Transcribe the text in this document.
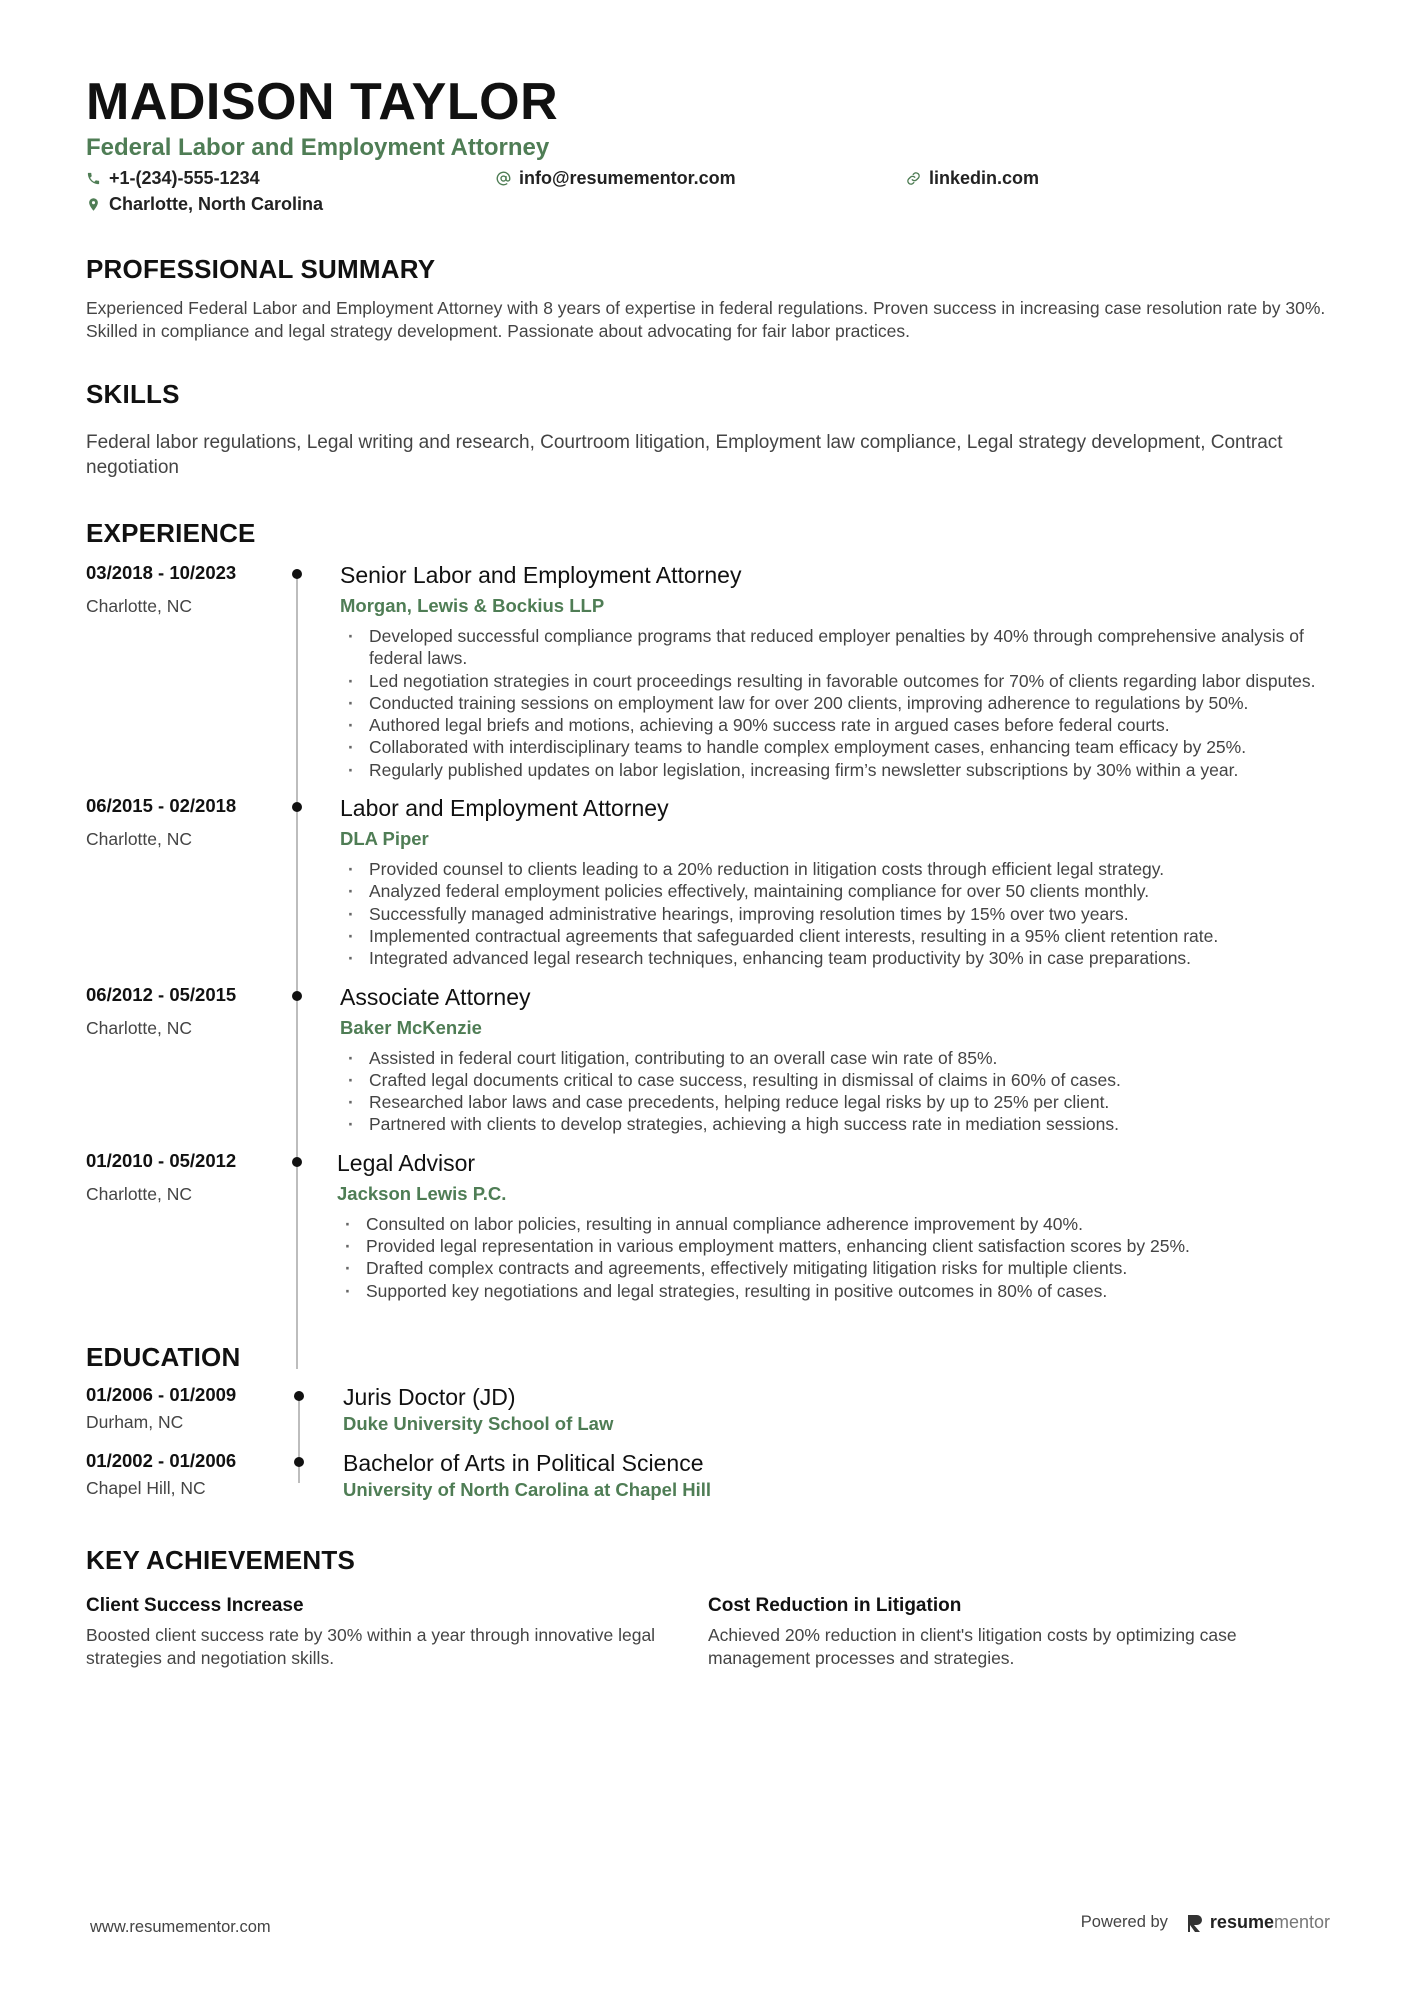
MADISON TAYLOR
Federal Labor and Employment Attorney
+1-(234)-555-1234	info@resumementor.com	linkedin.com
Charlotte, North Carolina
PROFESSIONAL SUMMARY
Experienced Federal Labor and Employment Attorney with 8 years of expertise in federal regulations. Proven success in increasing case resolution rate by 30%. Skilled in compliance and legal strategy development. Passionate about advocating for fair labor practices.
SKILLS
Federal labor regulations, Legal writing and research, Courtroom litigation, Employment law compliance, Legal strategy development, Contract negotiation
EXPERIENCE
03/2018 - 10/2023
Charlotte, NC
Senior Labor and Employment Attorney
Morgan, Lewis & Bockius LLP
· Developed successful compliance programs that reduced employer penalties by 40% through comprehensive analysis of federal laws.
· Led negotiation strategies in court proceedings resulting in favorable outcomes for 70% of clients regarding labor disputes.
· Conducted training sessions on employment law for over 200 clients, improving adherence to regulations by 50%.
· Authored legal briefs and motions, achieving a 90% success rate in argued cases before federal courts.
· Collaborated with interdisciplinary teams to handle complex employment cases, enhancing team efficacy by 25%.
· Regularly published updates on labor legislation, increasing firm’s newsletter subscriptions by 30% within a year.
06/2015 - 02/2018
Charlotte, NC
Labor and Employment Attorney
DLA Piper
· Provided counsel to clients leading to a 20% reduction in litigation costs through efficient legal strategy.
· Analyzed federal employment policies effectively, maintaining compliance for over 50 clients monthly.
· Successfully managed administrative hearings, improving resolution times by 15% over two years.
· Implemented contractual agreements that safeguarded client interests, resulting in a 95% client retention rate.
· Integrated advanced legal research techniques, enhancing team productivity by 30% in case preparations.
06/2012 - 05/2015
Charlotte, NC
Associate Attorney
Baker McKenzie
· Assisted in federal court litigation, contributing to an overall case win rate of 85%.
· Crafted legal documents critical to case success, resulting in dismissal of claims in 60% of cases.
· Researched labor laws and case precedents, helping reduce legal risks by up to 25% per client.
· Partnered with clients to develop strategies, achieving a high success rate in mediation sessions.
01/2010 - 05/2012
Charlotte, NC
Legal Advisor
Jackson Lewis P.C.
· Consulted on labor policies, resulting in annual compliance adherence improvement by 40%.
· Provided legal representation in various employment matters, enhancing client satisfaction scores by 25%.
· Drafted complex contracts and agreements, effectively mitigating litigation risks for multiple clients.
· Supported key negotiations and legal strategies, resulting in positive outcomes in 80% of cases.
EDUCATION
01/2006 - 01/2009
Durham, NC
Juris Doctor (JD)
Duke University School of Law
01/2002 - 01/2006
Chapel Hill, NC
Bachelor of Arts in Political Science
University of North Carolina at Chapel Hill
KEY ACHIEVEMENTS
Client Success Increase
Boosted client success rate by 30% within a year through innovative legal strategies and negotiation skills.
Cost Reduction in Litigation
Achieved 20% reduction in client's litigation costs by optimizing case management processes and strategies.
www.resumementor.com	Powered by resumementor
